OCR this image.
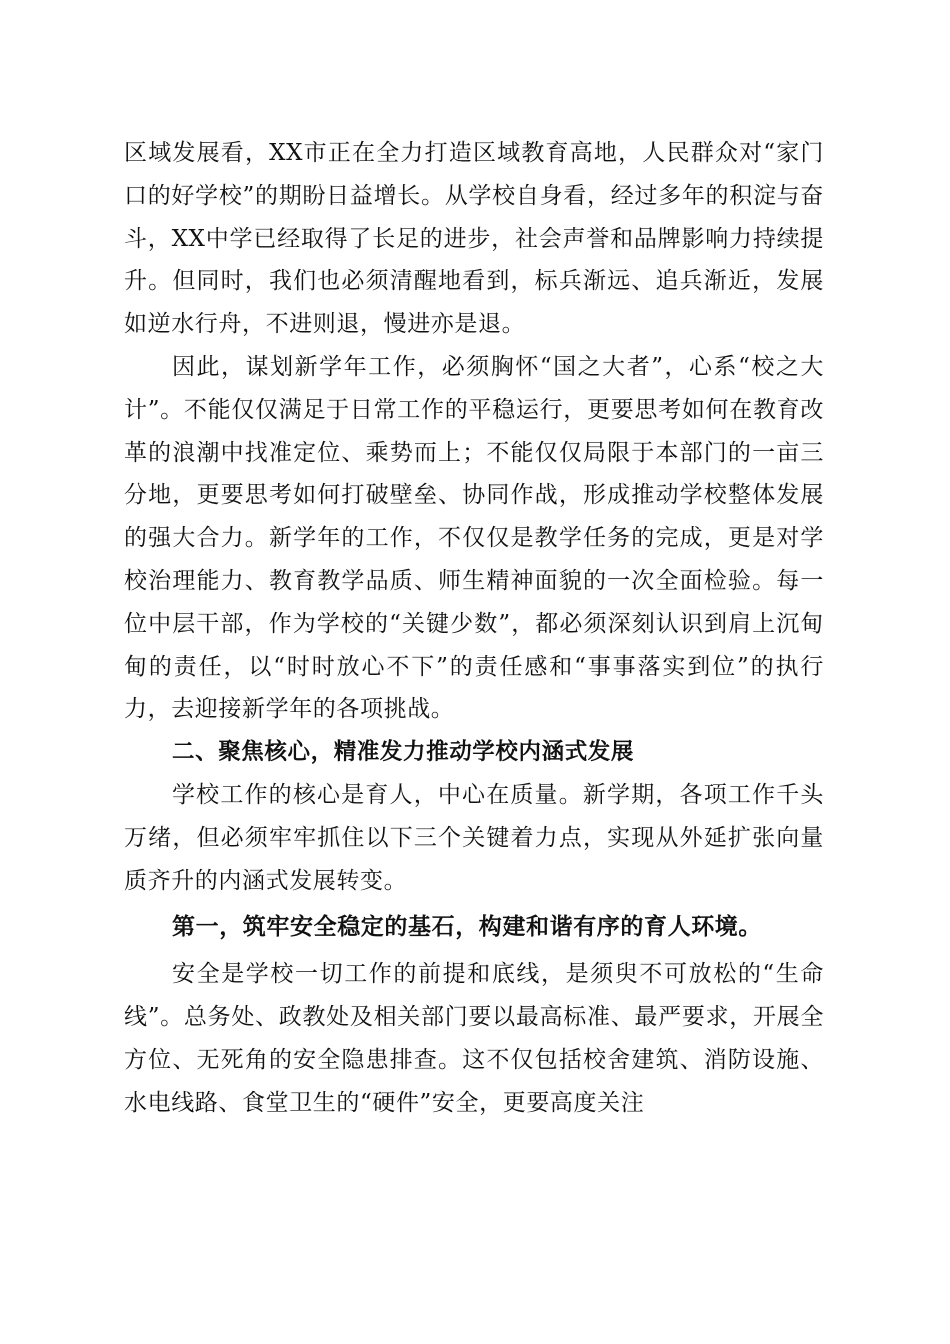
区域发展看，XX市正在全力打造区域教育高地，人民群众对“家门口的好学校”的期盼日益增长。从学校自身看，经过多年的积淀与奋斗，XX中学已经取得了长足的进步，社会声誉和品牌影响力持续提升。但同时，我们也必须清醒地看到，标兵渐远、追兵渐近，发展如逆水行舟，不进则退，慢进亦是退。

因此，谋划新学年工作，必须胸怀“国之大者”，心系“校之大计”。不能仅仅满足于日常工作的平稳运行，更要思考如何在教育改革的浪潮中找准定位、乘势而上；不能仅仅局限于本部门的一亩三分地，更要思考如何打破壁垒、协同作战，形成推动学校整体发展的强大合力。新学年的工作，不仅仅是教学任务的完成，更是对学校治理能力、教育教学品质、师生精神面貌的一次全面检验。每一位中层干部，作为学校的“关键少数”，都必须深刻认识到肩上沉甸甸的责任，以“时时放心不下”的责任感和“事事落实到位”的执行力，去迎接新学年的各项挑战。

二、聚焦核心，精准发力推动学校内涵式发展

学校工作的核心是育人，中心在质量。新学期，各项工作千头万绪，但必须牢牢抓住以下三个关键着力点，实现从外延扩张向量质齐升的内涵式发展转变。

第一，筑牢安全稳定的基石，构建和谐有序的育人环境。

安全是学校一切工作的前提和底线，是须臾不可放松的“生命线”。总务处、政教处及相关部门要以最高标准、最严要求，开展全方位、无死角的安全隐患排查。这不仅包括校舍建筑、消防设施、水电线路、食堂卫生的“硬件”安全，更要高度关注
